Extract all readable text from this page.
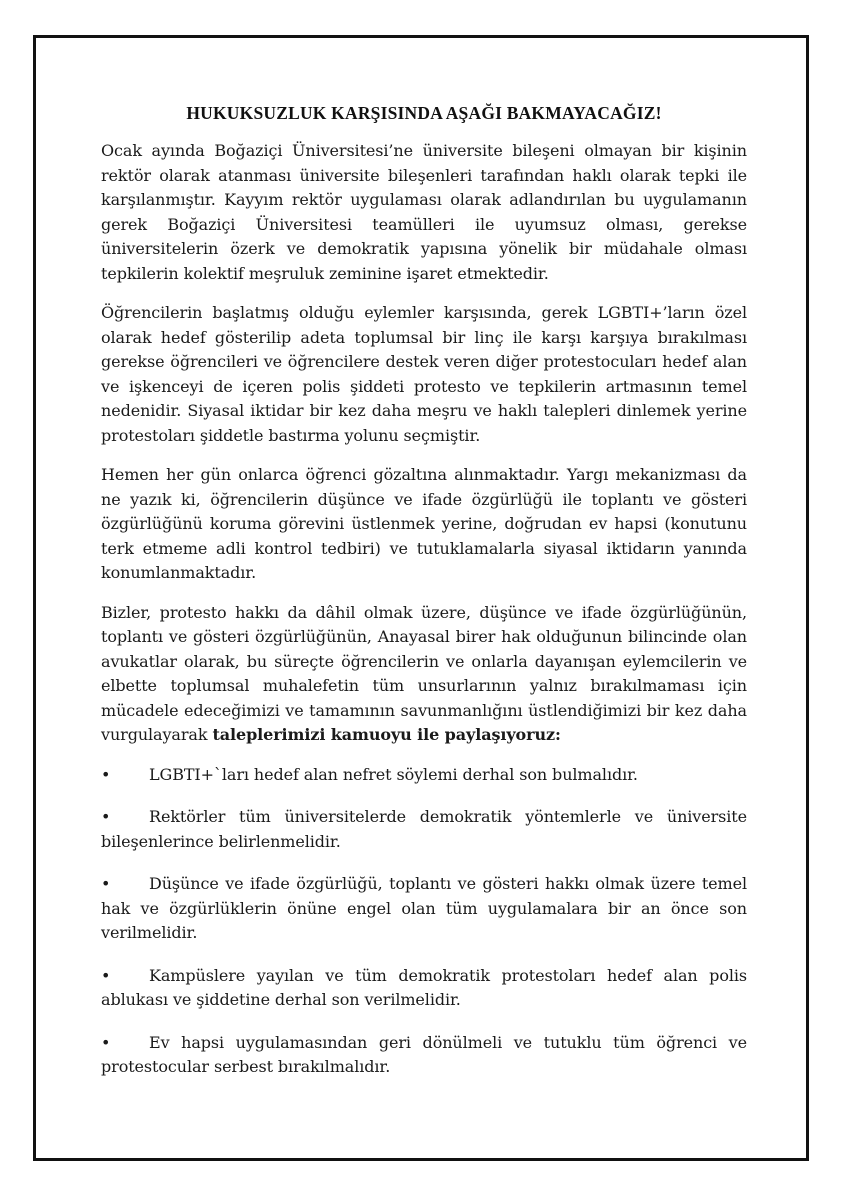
HUKUKSUZLUK KARŞISINDA AŞAĞI BAKMAYACAĞIZ!

Ocak ayında Boğaziçi Üniversitesi’ne üniversite bileşeni olmayan bir kişinin rektör olarak atanması üniversite bileşenleri tarafından haklı olarak tepki ile karşılanmıştır. Kayyım rektör uygulaması olarak adlandırılan bu uygulamanın gerek Boğaziçi Üniversitesi teamülleri ile uyumsuz olması, gerekse üniversitelerin özerk ve demokratik yapısına yönelik bir müdahale olması tepkilerin kolektif meşruluk zeminine işaret etmektedir.

Öğrencilerin başlatmış olduğu eylemler karşısında, gerek LGBTI+’ların özel olarak hedef gösterilip adeta toplumsal bir linç ile karşı karşıya bırakılması gerekse öğrencileri ve öğrencilere destek veren diğer protestocuları hedef alan ve işkenceyi de içeren polis şiddeti protesto ve tepkilerin artmasının temel nedenidir. Siyasal iktidar bir kez daha meşru ve haklı talepleri dinlemek yerine protestoları şiddetle bastırma yolunu seçmiştir.

Hemen her gün onlarca öğrenci gözaltına alınmaktadır. Yargı mekanizması da ne yazık ki, öğrencilerin düşünce ve ifade özgürlüğü ile toplantı ve gösteri özgürlüğünü koruma görevini üstlenmek yerine, doğrudan ev hapsi (konutunu terk etmeme adli kontrol tedbiri) ve tutuklamalarla siyasal iktidarın yanında konumlanmaktadır.

Bizler, protesto hakkı da dâhil olmak üzere, düşünce ve ifade özgürlüğünün, toplantı ve gösteri özgürlüğünün, Anayasal birer hak olduğunun bilincinde olan avukatlar olarak, bu süreçte öğrencilerin ve onlarla dayanışan eylemcilerin ve elbette toplumsal muhalefetin tüm unsurlarının yalnız bırakılmaması için mücadele edeceğimizi ve tamamının savunmanlığını üstlendiğimizi bir kez daha vurgulayarak taleplerimizi kamuoyu ile paylaşıyoruz:

• LGBTI+`ları hedef alan nefret söylemi derhal son bulmalıdır.
• Rektörler tüm üniversitelerde demokratik yöntemlerle ve üniversite bileşenlerince belirlenmelidir.
• Düşünce ve ifade özgürlüğü, toplantı ve gösteri hakkı olmak üzere temel hak ve özgürlüklerin önüne engel olan tüm uygulamalara bir an önce son verilmelidir.
• Kampüslere yayılan ve tüm demokratik protestoları hedef alan polis ablukası ve şiddetine derhal son verilmelidir.
• Ev hapsi uygulamasından geri dönülmeli ve tutuklu tüm öğrenci ve protestocular serbest bırakılmalıdır.
